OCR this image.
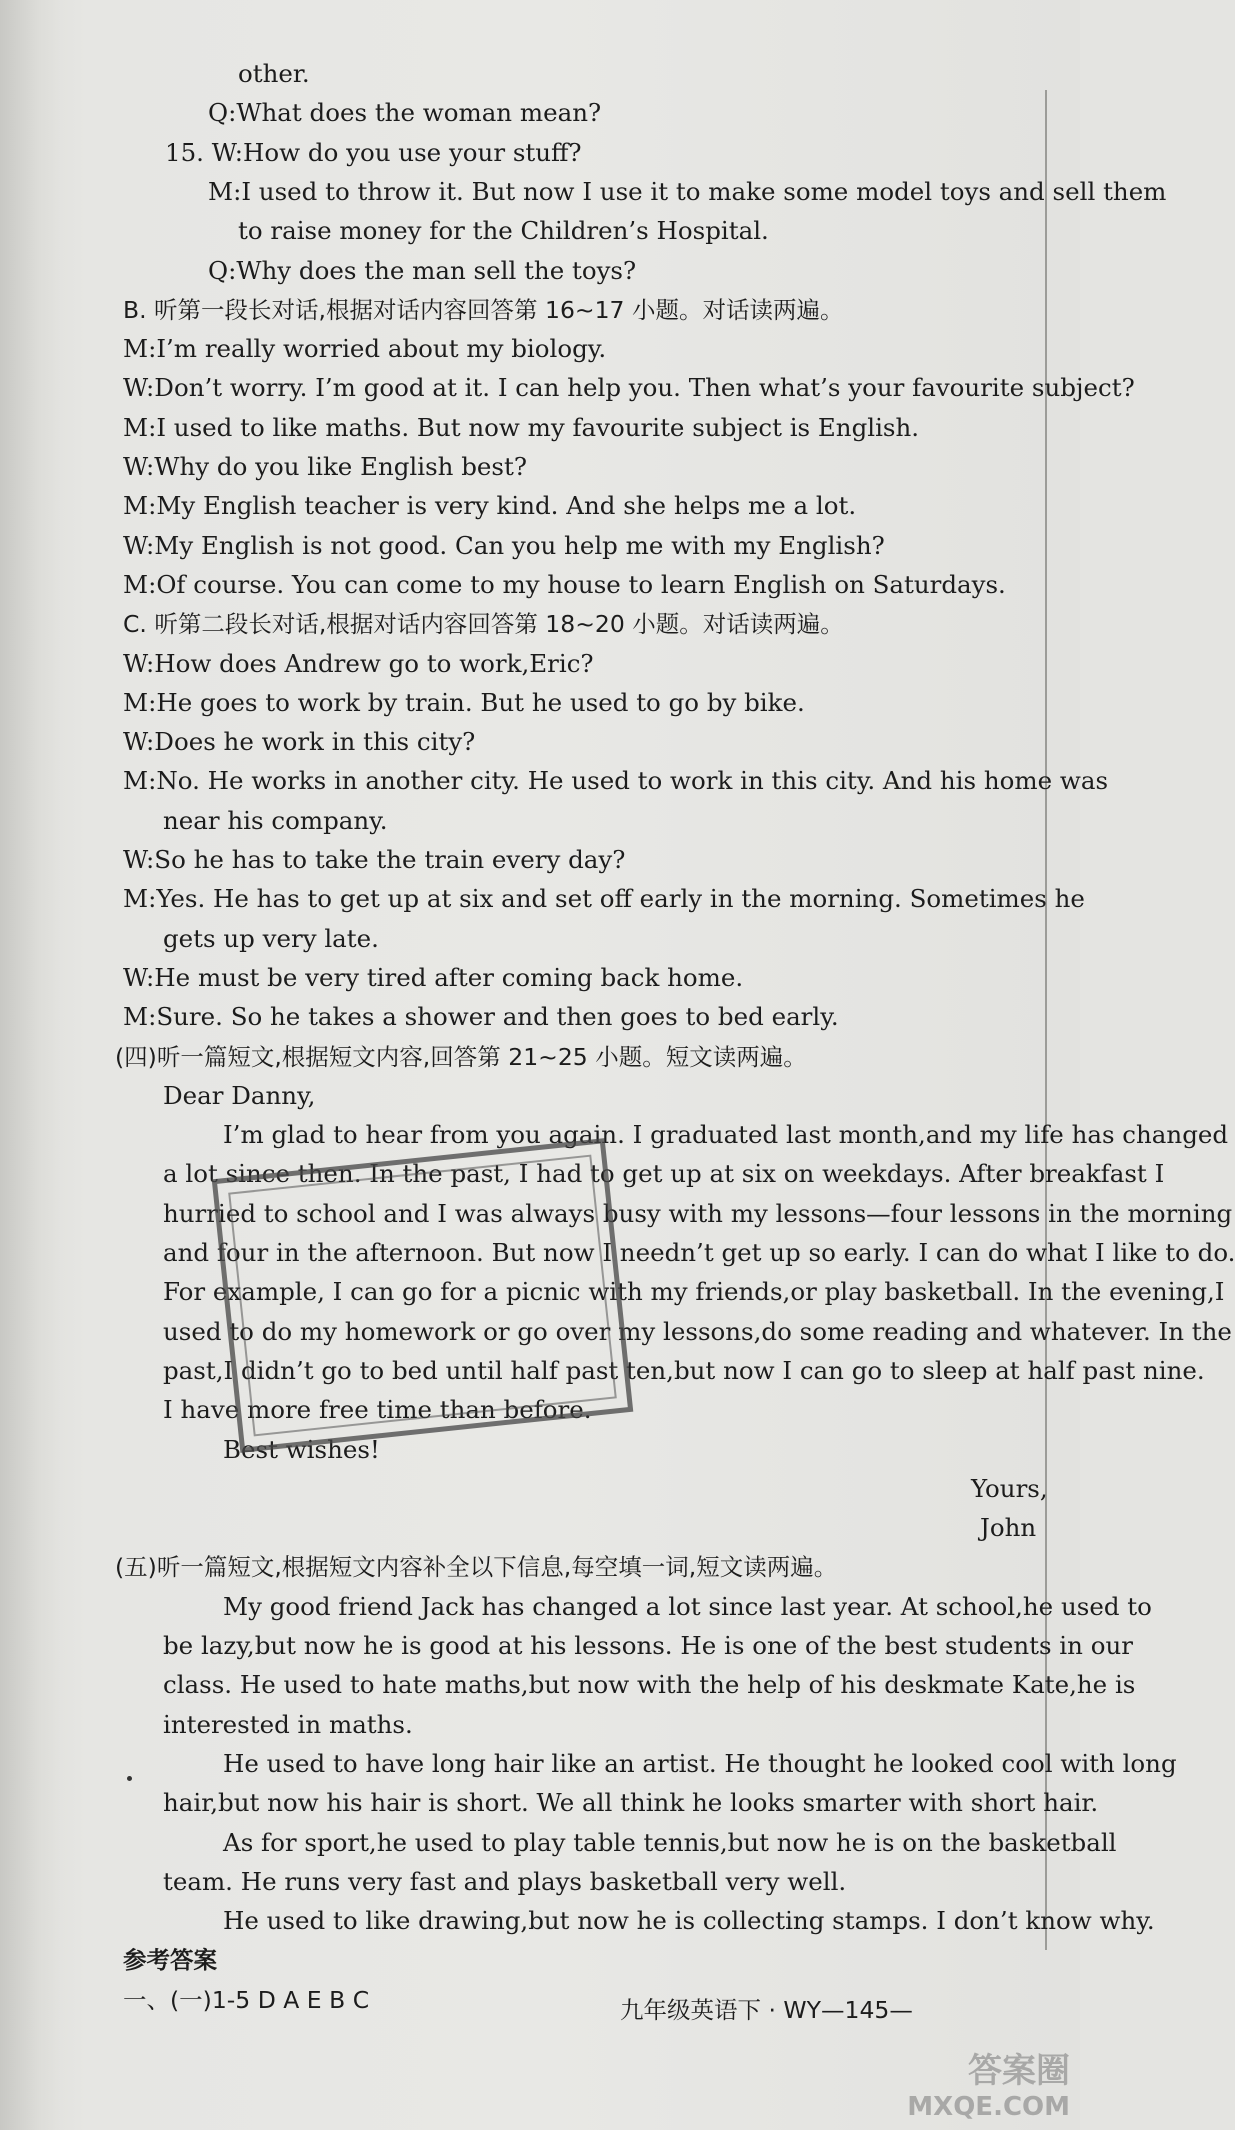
other.
Q:What does the woman mean?
15. W:How do you use your stuff?
M:I used to throw it. But now I use it to make some model toys and sell them
to raise money for the Children’s Hospital.
Q:Why does the man sell the toys?
B. 听第一段长对话,根据对话内容回答第 16~17 小题。对话读两遍。
M:I’m really worried about my biology.
W:Don’t worry. I’m good at it. I can help you. Then what’s your favourite subject?
M:I used to like maths. But now my favourite subject is English.
W:Why do you like English best?
M:My English teacher is very kind. And she helps me a lot.
W:My English is not good. Can you help me with my English?
M:Of course. You can come to my house to learn English on Saturdays.
C. 听第二段长对话,根据对话内容回答第 18~20 小题。对话读两遍。
W:How does Andrew go to work,Eric?
M:He goes to work by train. But he used to go by bike.
W:Does he work in this city?
M:No. He works in another city. He used to work in this city. And his home was
near his company.
W:So he has to take the train every day?
M:Yes. He has to get up at six and set off early in the morning. Sometimes he
gets up very late.
W:He must be very tired after coming back home.
M:Sure. So he takes a shower and then goes to bed early.
(四)听一篇短文,根据短文内容,回答第 21~25 小题。短文读两遍。
Dear Danny,
I’m glad to hear from you again. I graduated last month,and my life has changed
a lot since then. In the past, I had to get up at six on weekdays. After breakfast I
hurried to school and I was always busy with my lessons—four lessons in the morning
and four in the afternoon. But now I needn’t get up so early. I can do what I like to do.
For example, I can go for a picnic with my friends,or play basketball. In the evening,I
used to do my homework or go over my lessons,do some reading and whatever. In the
past,I didn’t go to bed until half past ten,but now I can go to sleep at half past nine.
I have more free time than before.
Best wishes!
Yours,
John
(五)听一篇短文,根据短文内容补全以下信息,每空填一词,短文读两遍。
My good friend Jack has changed a lot since last year. At school,he used to
be lazy,but now he is good at his lessons. He is one of the best students in our
class. He used to hate maths,but now with the help of his deskmate Kate,he is
interested in maths.
He used to have long hair like an artist. He thought he looked cool with long
hair,but now his hair is short. We all think he looks smarter with short hair.
As for sport,he used to play table tennis,but now he is on the basketball
team. He runs very fast and plays basketball very well.
He used to like drawing,but now he is collecting stamps. I don’t know why.
参考答案
一、(一)1-5 D A E B C	九年级英语下 · WY—145—
答案圈
MXQE.COM
